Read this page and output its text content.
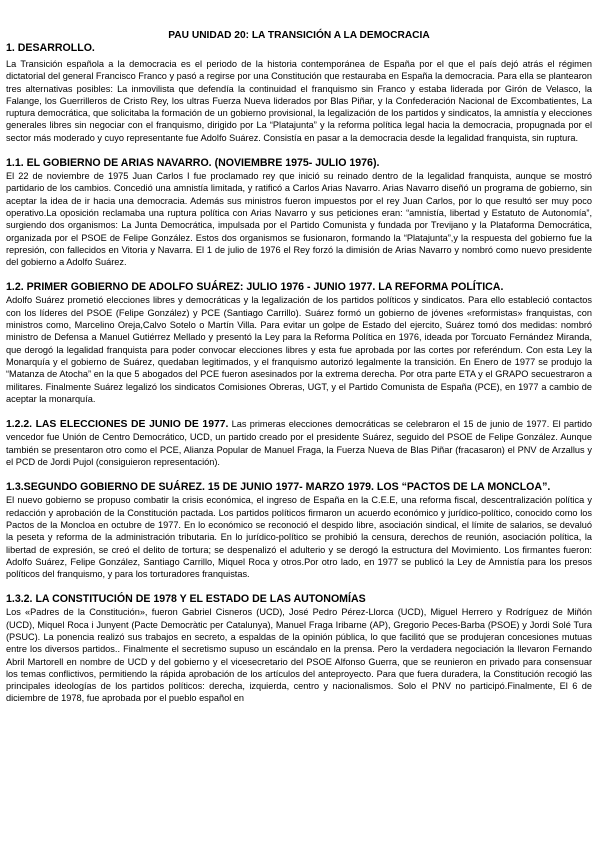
PAU UNIDAD 20: LA TRANSICIÓN A LA DEMOCRACIA
1. DESARROLLO.

La Transición española a la democracia es el periodo de la historia contemporánea de España por el que el país dejó atrás el régimen dictatorial del general Francisco Franco y pasó a regirse por una Constitución que restauraba en España la democracia. Para ella se plantearon tres alternativas posibles: La inmovilista que defendía la continuidad el franquismo sin Franco y estaba liderada por Girón de Velasco, la Falange, los Guerrilleros de Cristo Rey, los ultras Fuerza Nueva liderados por Blas Piñar, y la Confederación Nacional de Excombatientes, La ruptura democrática, que solicitaba la formación de un gobierno provisional, la legalización de los partidos y sindicatos, la amnistía y elecciones generales libres sin negociar con el franquismo, dirigido por La “Platajunta” y la reforma política legal hacia la democracia, propugnada por el sector más moderado y cuyo representante fue Adolfo Suárez. Consistía en pasar a la democracia desde la legalidad franquista, sin ruptura.

1.1. EL GOBIERNO DE ARIAS NAVARRO. (NOVIEMBRE 1975- JULIO 1976).

El 22 de noviembre de 1975 Juan Carlos I fue proclamado rey que inició su reinado dentro de la legalidad franquista, aunque se mostró partidario de los cambios. Concedió una amnistía limitada, y ratificó a Carlos Arias Navarro. Arias Navarro diseñó un programa de gobierno, sin aceptar la idea de ir hacia una democracia. Además sus ministros fueron impuestos por el rey Juan Carlos, por lo que resultó ser muy poco operativo.La oposición reclamaba una ruptura política con Arias Navarro y sus peticiones eran: “amnistía, libertad y Estatuto de Autonomía”, surgiendo dos organismos: La Junta Democrática, impulsada por el Partido Comunista y fundada por Trevijano y la Plataforma Democrática, organizada por el PSOE de Felipe González. Estos dos organismos se fusionaron, formando la “Platajunta”,y la respuesta del gobierno fue la represión, con fallecidos en Vitoria y Navarra. El 1 de julio de 1976 el Rey forzó la dimisión de Arias Navarro y nombró como nuevo presidente del gobierno a Adolfo Suárez.

1.2. PRIMER GOBIERNO DE ADOLFO SUÁREZ: JULIO 1976 - JUNIO 1977. LA REFORMA POLÍTICA.

Adolfo Suárez prometió elecciones libres y democráticas y la legalización de los partidos políticos y sindicatos. Para ello estableció contactos con los líderes del PSOE (Felipe González) y PCE (Santiago Carrillo). Suárez formó un gobierno de jóvenes «reformistas» franquistas, con ministros como, Marcelino Oreja,Calvo Sotelo o Martín Villa. Para evitar un golpe de Estado del ejercito, Suárez tomó dos medidas: nombró ministro de Defensa a Manuel Gutiérrez Mellado y presentó la Ley para la Reforma Política en 1976, ideada por Torcuato Fernández Miranda, que derogó la legalidad franquista para poder convocar elecciones libres y esta fue aprobada por las cortes por referéndum. Con esta Ley la Monarquía y el gobierno de Suárez, quedaban legitimados, y el franquismo autorizó legalmente la transición. En Enero de 1977 se produjo la “Matanza de Atocha” en la que 5 abogados del PCE fueron asesinados por la extrema derecha. Por otra parte ETA y el GRAPO secuestraron a militares. Finalmente Suárez legalizó los sindicatos Comisiones Obreras, UGT, y el Partido Comunista de España (PCE), en 1977 a cambio de aceptar la monarquía.

1.2.2. LAS ELECCIONES DE JUNIO DE 1977. Las primeras elecciones democráticas se celebraron el 15 de junio de 1977. El partido vencedor fue Unión de Centro Democrático, UCD, un partido creado por el presidente Suárez, seguido del PSOE de Felipe González. Aunque también se presentaron otro como el PCE, Alianza Popular de Manuel Fraga, la Fuerza Nueva de Blas Piñar (fracasaron) el PNV de Arzallus y el PCD de Jordi Pujol (consiguieron representación).

1.3.SEGUNDO GOBIERNO DE SUÁREZ. 15 DE JUNIO 1977- MARZO 1979. LOS “PACTOS DE LA MONCLOA”.

El nuevo gobierno se propuso combatir la crisis económica, el ingreso de España en la C.E.E, una reforma fiscal, descentralización política y redacción y aprobación de la Constitución pactada. Los partidos políticos firmaron un acuerdo económico y jurídico-político, conocido como los Pactos de la Moncloa en octubre de 1977. En lo económico se reconoció el despido libre, asociación sindical, el límite de salarios, se devaluó la peseta y reforma de la administración tributaria. En lo jurídico-político se prohibió la censura, derechos de reunión, asociación política, la libertad de expresión, se creó el delito de tortura; se despenalizó el adulterio y se derogó la estructura del Movimiento. Los firmantes fueron: Adolfo Suárez, Felipe González, Santiago Carrillo, Miquel Roca y otros.Por otro lado, en 1977 se publicó la Ley de Amnistía para los presos políticos del franquismo, y para los torturadores franquistas.

1.3.2. LA CONSTITUCIÓN DE 1978 Y EL ESTADO DE LAS AUTONOMÍAS

Los «Padres de la Constitución», fueron Gabriel Cisneros (UCD), José Pedro Pérez-Llorca (UCD), Miguel Herrero y Rodríguez de Miñón (UCD), Miquel Roca i Junyent (Pacte Democràtic per Catalunya), Manuel Fraga Iribarne (AP), Gregorio Peces-Barba (PSOE) y Jordi Solé Tura (PSUC). La ponencia realizó sus trabajos en secreto, a espaldas de la opinión pública, lo que facilitó que se produjeran concesiones mutuas entre los diversos partidos.. Finalmente el secretismo supuso un escándalo en la prensa. Pero la verdadera negociación la llevaron Fernando Abril Martorell en nombre de UCD y del gobierno y el vicesecretario del PSOE Alfonso Guerra, que se reunieron en privado para consensuar los temas conflictivos, permitiendo la rápida aprobación de los artículos del anteproyecto. Para que fuera duradera, la Constitución recogió las principales ideologías de los partidos políticos: derecha, izquierda, centro y nacionalismos. Solo el PNV no participó.Finalmente, El 6 de diciembre de 1978, fue aprobada por el pueblo español en
